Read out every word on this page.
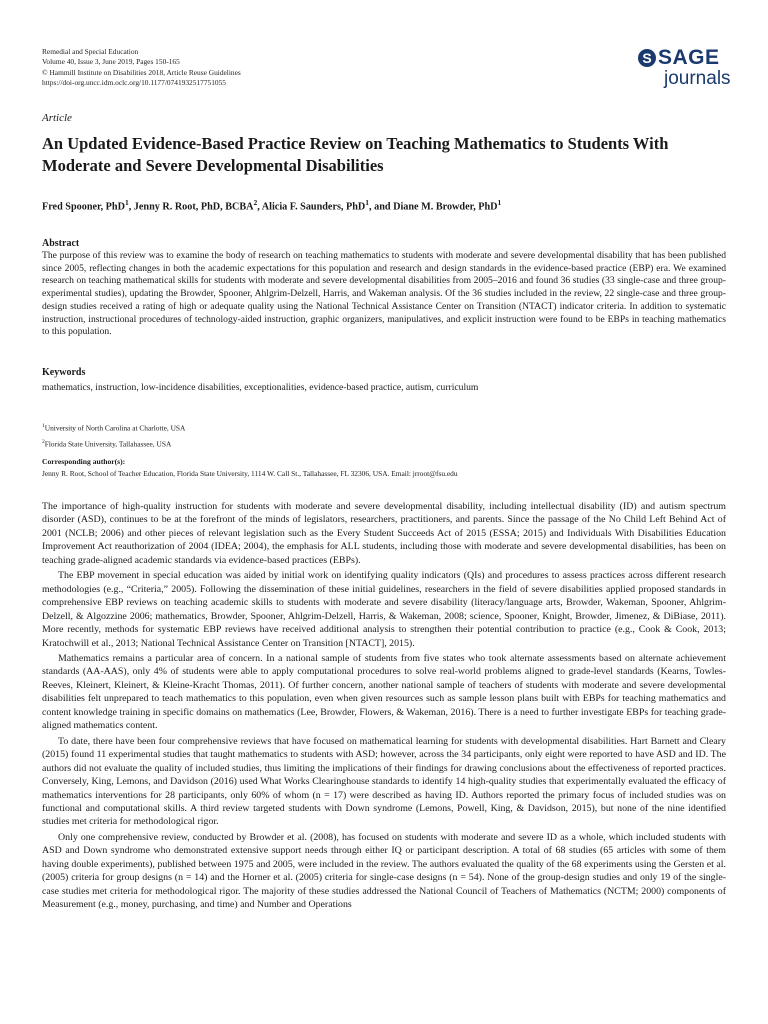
Remedial and Special Education
Volume 40, Issue 3, June 2019, Pages 150-165
© Hammill Institute on Disabilities 2018, Article Reuse Guidelines
https://doi-org.uncc.idm.oclc.org/10.1177/0741932517751055
S SAGE
journals
Article
An Updated Evidence-Based Practice Review on Teaching Mathematics to Students With Moderate and Severe Developmental Disabilities
Fred Spooner, PhD$^1$, Jenny R. Root, PhD, BCBA$^2$, Alicia F. Saunders, PhD$^1$, and Diane M. Browder, PhD$^1$
Abstract
The purpose of this review was to examine the body of research on teaching mathematics to students with moderate and severe developmental disability that has been published since 2005, reflecting changes in both the academic expectations for this population and research and design standards in the evidence-based practice (EBP) era. We examined research on teaching mathematical skills for students with moderate and severe developmental disabilities from 2005–2016 and found 36 studies (33 single-case and three group-experimental studies), updating the Browder, Spooner, Ahlgrim-Delzell, Harris, and Wakeman analysis. Of the 36 studies included in the review, 22 single-case and three group-design studies received a rating of high or adequate quality using the National Technical Assistance Center on Transition (NTACT) indicator criteria. In addition to systematic instruction, instructional procedures of technology-aided instruction, graphic organizers, manipulatives, and explicit instruction were found to be EBPs in teaching mathematics to this population.
Keywords
mathematics, instruction, low-incidence disabilities, exceptionalities, evidence-based practice, autism, curriculum
$^1$University of North Carolina at Charlotte, USA
$^2$Florida State University, Tallahassee, USA
Corresponding author(s):
Jenny R. Root, School of Teacher Education, Florida State University, 1114 W. Call St., Tallahassee, FL 32306, USA. Email: jrroot@fsu.edu

The importance of high-quality instruction for students with moderate and severe developmental disability, including intellectual disability (ID) and autism spectrum disorder (ASD), continues to be at the forefront of the minds of legislators, researchers, practitioners, and parents. Since the passage of the No Child Left Behind Act of 2001 (NCLB; 2006) and other pieces of relevant legislation such as the Every Student Succeeds Act of 2015 (ESSA; 2015) and Individuals With Disabilities Education Improvement Act reauthorization of 2004 (IDEA; 2004), the emphasis for ALL students, including those with moderate and severe developmental disabilities, has been on teaching grade-aligned academic standards via evidence-based practices (EBPs).

The EBP movement in special education was aided by initial work on identifying quality indicators (QIs) and procedures to assess practices across different research methodologies (e.g., “Criteria,” 2005). Following the dissemination of these initial guidelines, researchers in the field of severe disabilities applied proposed standards in comprehensive EBP reviews on teaching academic skills to students with moderate and severe disability (literacy/language arts, Browder, Wakeman, Spooner, Ahlgrim-Delzell, & Algozzine 2006; mathematics, Browder, Spooner, Ahlgrim-Delzell, Harris, & Wakeman, 2008; science, Spooner, Knight, Browder, Jimenez, & DiBiase, 2011). More recently, methods for systematic EBP reviews have received additional analysis to strengthen their potential contribution to practice (e.g., Cook & Cook, 2013; Kratochwill et al., 2013; National Technical Assistance Center on Transition [NTACT], 2015).

Mathematics remains a particular area of concern. In a national sample of students from five states who took alternate assessments based on alternate achievement standards (AA-AAS), only 4% of students were able to apply computational procedures to solve real-world problems aligned to grade-level standards (Kearns, Towles-Reeves, Kleinert, Kleinert, & Kleine-Kracht Thomas, 2011). Of further concern, another national sample of teachers of students with moderate and severe developmental disabilities felt unprepared to teach mathematics to this population, even when given resources such as sample lesson plans built with EBPs for teaching mathematics and content knowledge training in specific domains on mathematics (Lee, Browder, Flowers, & Wakeman, 2016). There is a need to further investigate EBPs for teaching grade-aligned mathematics content.

To date, there have been four comprehensive reviews that have focused on mathematical learning for students with developmental disabilities. Hart Barnett and Cleary (2015) found 11 experimental studies that taught mathematics to students with ASD; however, across the 34 participants, only eight were reported to have ASD and ID. The authors did not evaluate the quality of included studies, thus limiting the implications of their findings for drawing conclusions about the effectiveness of reported practices. Conversely, King, Lemons, and Davidson (2016) used What Works Clearinghouse standards to identify 14 high-quality studies that experimentally evaluated the efficacy of mathematics interventions for 28 participants, only 60% of whom (n = 17) were described as having ID. Authors reported the primary focus of included studies was on functional and computational skills. A third review targeted students with Down syndrome (Lemons, Powell, King, & Davidson, 2015), but none of the nine identified studies met criteria for methodological rigor.

Only one comprehensive review, conducted by Browder et al. (2008), has focused on students with moderate and severe ID as a whole, which included students with ASD and Down syndrome who demonstrated extensive support needs through either IQ or participant description. A total of 68 studies (65 articles with some of them having double experiments), published between 1975 and 2005, were included in the review. The authors evaluated the quality of the 68 experiments using the Gersten et al. (2005) criteria for group designs (n = 14) and the Horner et al. (2005) criteria for single-case designs (n = 54). None of the group-design studies and only 19 of the single-case studies met criteria for methodological rigor. The majority of these studies addressed the National Council of Teachers of Mathematics (NCTM; 2000) components of Measurement (e.g., money, purchasing, and time) and Number and Operations
